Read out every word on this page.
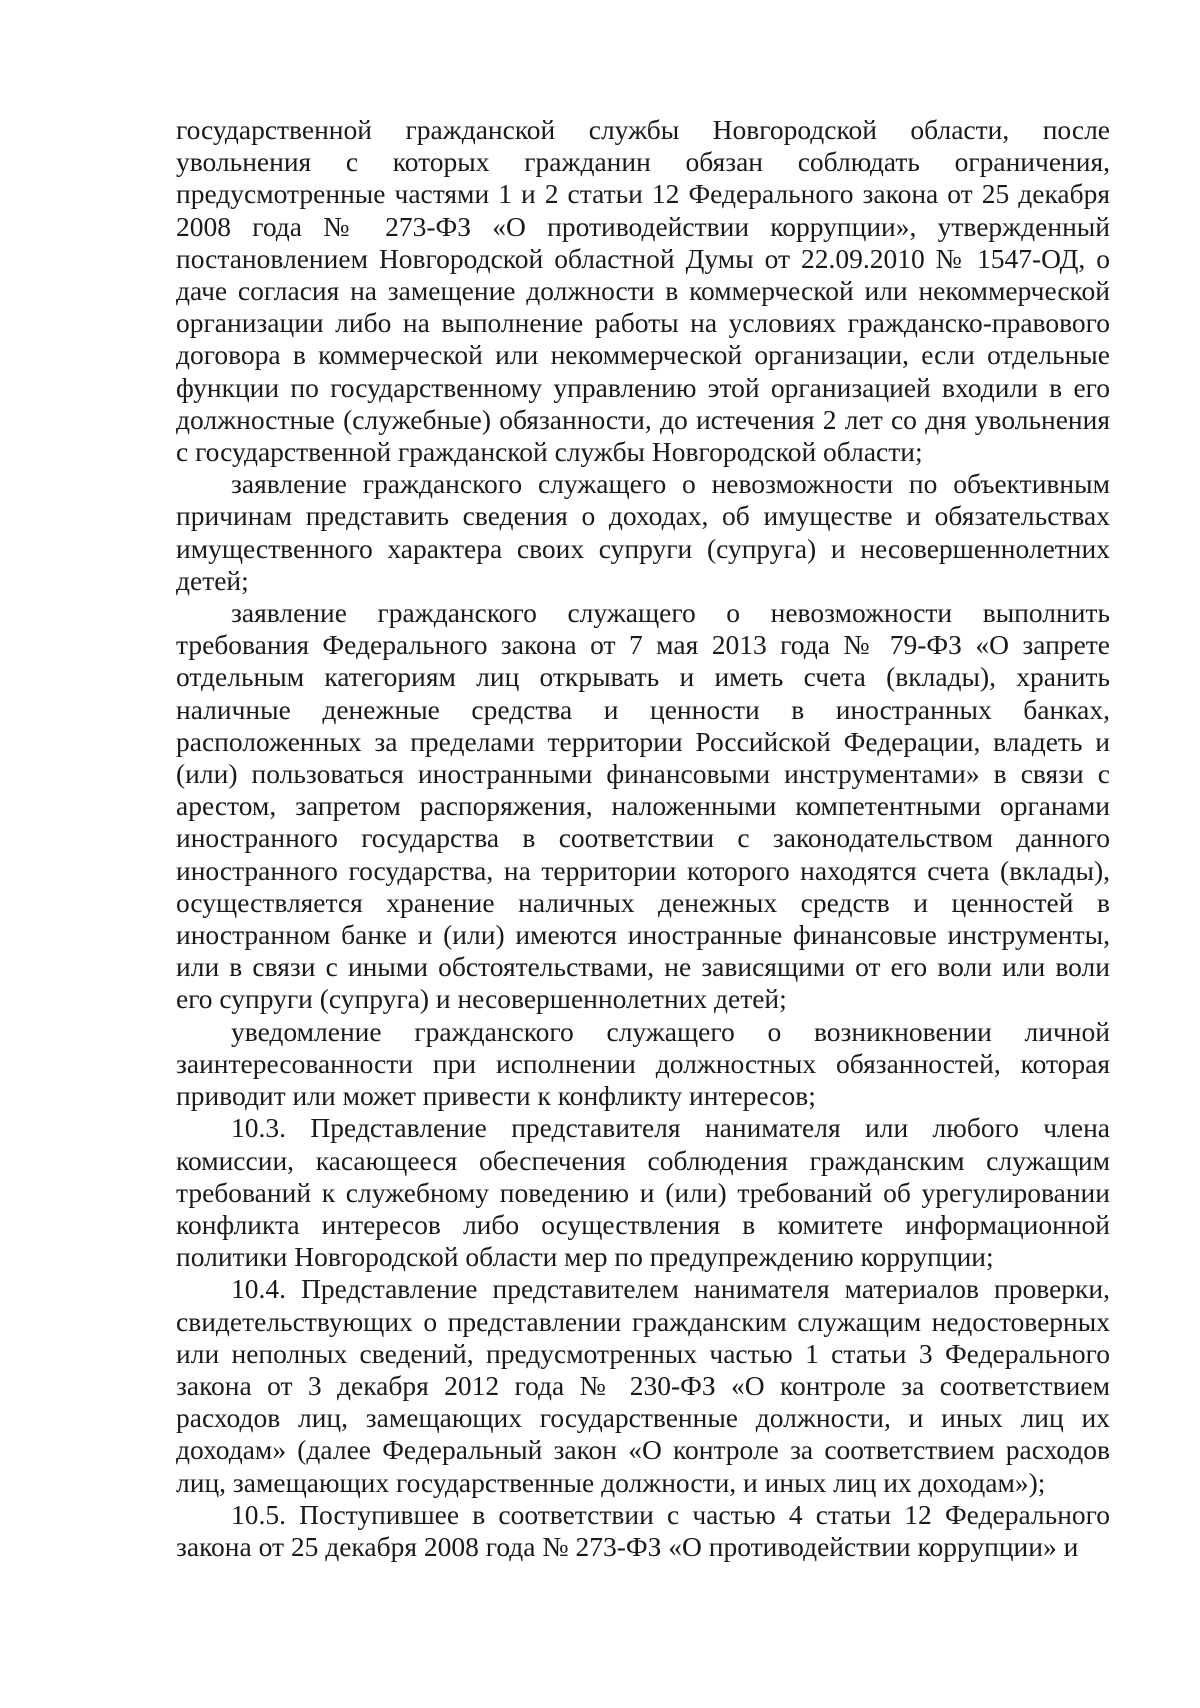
государственной гражданской службы Новгородской области, после увольнения с которых гражданин обязан соблюдать ограничения, предусмотренные частями 1 и 2 статьи 12 Федерального закона от 25 декабря 2008 года № 273-ФЗ «О противодействии коррупции», утвержденный постановлением Новгородской областной Думы от 22.09.2010 № 1547-ОД, о даче согласия на замещение должности в коммерческой или некоммерческой организации либо на выполнение работы на условиях гражданско-правового договора в коммерческой или некоммерческой организации, если отдельные функции по государственному управлению этой организацией входили в его должностные (служебные) обязанности, до истечения 2 лет со дня увольнения с государственной гражданской службы Новгородской области;

заявление гражданского служащего о невозможности по объективным причинам представить сведения о доходах, об имуществе и обязательствах имущественного характера своих супруги (супруга) и несовершеннолетних детей;

заявление гражданского служащего о невозможности выполнить требования Федерального закона от 7 мая 2013 года № 79-ФЗ «О запрете отдельным категориям лиц открывать и иметь счета (вклады), хранить наличные денежные средства и ценности в иностранных банках, расположенных за пределами территории Российской Федерации, владеть и (или) пользоваться иностранными финансовыми инструментами» в связи с арестом, запретом распоряжения, наложенными компетентными органами иностранного государства в соответствии с законодательством данного иностранного государства, на территории которого находятся счета (вклады), осуществляется хранение наличных денежных средств и ценностей в иностранном банке и (или) имеются иностранные финансовые инструменты, или в связи с иными обстоятельствами, не зависящими от его воли или воли его супруги (супруга) и несовершеннолетних детей;

уведомление гражданского служащего о возникновении личной заинтересованности при исполнении должностных обязанностей, которая приводит или может привести к конфликту интересов;

10.3. Представление представителя нанимателя или любого члена комиссии, касающееся обеспечения соблюдения гражданским служащим требований к служебному поведению и (или) требований об урегулировании конфликта интересов либо осуществления в комитете информационной политики Новгородской области мер по предупреждению коррупции;

10.4. Представление представителем нанимателя материалов проверки, свидетельствующих о представлении гражданским служащим недостоверных или неполных сведений, предусмотренных частью 1 статьи 3 Федерального закона от 3 декабря 2012 года № 230-ФЗ «О контроле за соответствием расходов лиц, замещающих государственные должности, и иных лиц их доходам» (далее Федеральный закон «О контроле за соответствием расходов лиц, замещающих государственные должности, и иных лиц их доходам»);

10.5. Поступившее в соответствии с частью 4 статьи 12 Федерального закона от 25 декабря 2008 года № 273-ФЗ «О противодействии коррупции» и
